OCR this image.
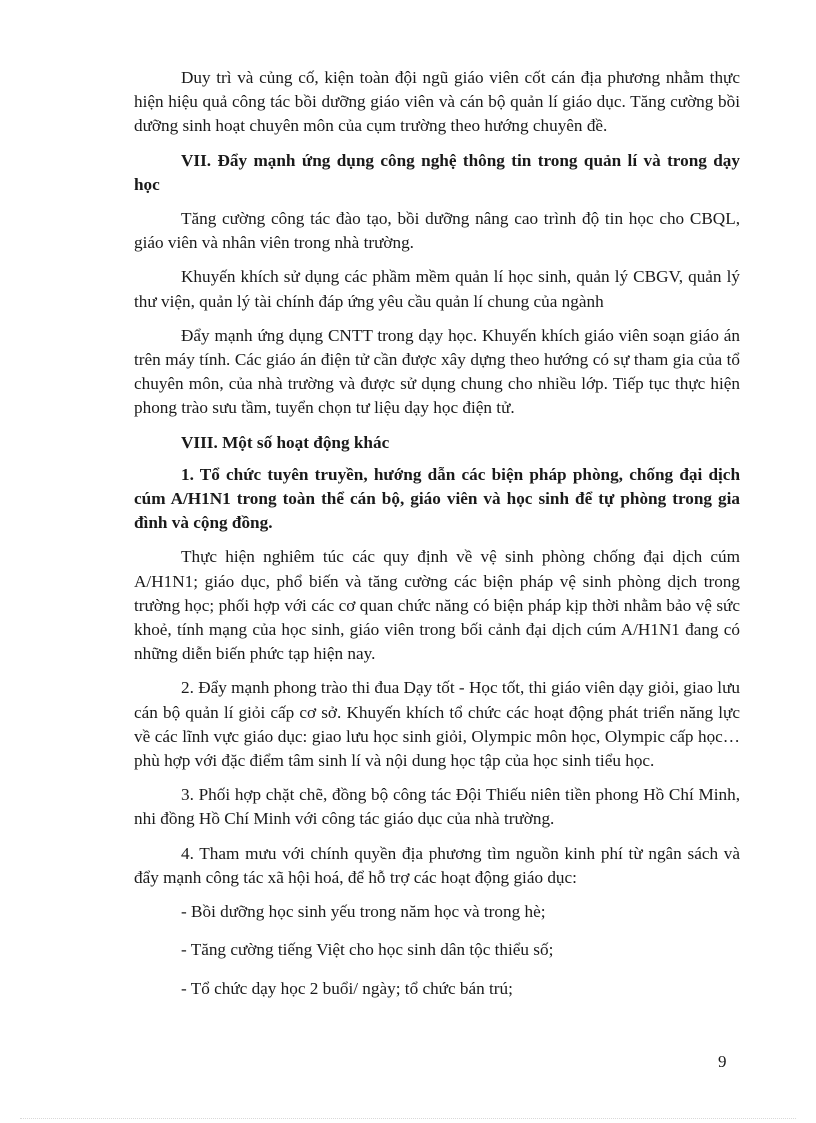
Duy trì và củng cố, kiện toàn đội ngũ giáo viên cốt cán địa phương nhằm thực hiện hiệu quả công tác bồi dưỡng giáo viên và cán bộ quản lí giáo dục. Tăng cường bồi dưỡng sinh hoạt chuyên môn của cụm trường theo hướng chuyên đề.

VII. Đẩy mạnh ứng dụng công nghệ thông tin trong quản lí và trong dạy học

Tăng cường công tác đào tạo, bồi dưỡng nâng cao trình độ tin học cho CBQL, giáo viên và nhân viên trong nhà trường.

Khuyến khích sử dụng các phầm mềm quản lí học sinh, quản lý CBGV, quản lý thư viện, quản lý tài chính đáp ứng yêu cầu quản lí chung của ngành

Đẩy mạnh ứng dụng CNTT trong dạy học. Khuyến khích giáo viên soạn giáo án trên máy tính. Các giáo án điện tử cần được xây dựng theo hướng có sự tham gia của tổ chuyên môn, của nhà trường và được sử dụng chung cho nhiều lớp. Tiếp tục thực hiện phong trào sưu tầm, tuyển chọn tư liệu dạy học điện tử.

VIII. Một số hoạt động khác

1. Tổ chức tuyên truyền, hướng dẫn các biện pháp phòng, chống đại dịch cúm A/H1N1 trong toàn thể cán bộ, giáo viên và học sinh để tự phòng trong gia đình và cộng đồng.

Thực hiện nghiêm túc các quy định về vệ sinh phòng chống đại dịch cúm A/H1N1; giáo dục, phổ biến và tăng cường các biện pháp vệ sinh phòng dịch trong trường học; phối hợp với các cơ quan chức năng có biện pháp kịp thời nhằm bảo vệ sức khoẻ, tính mạng của học sinh, giáo viên trong bối cảnh đại dịch cúm A/H1N1 đang có những diễn biến phức tạp hiện nay.

2. Đẩy mạnh phong trào thi đua Dạy tốt - Học tốt, thi giáo viên dạy giỏi, giao lưu cán bộ quản lí giỏi cấp cơ sở. Khuyến khích tổ chức các hoạt động phát triển năng lực về các lĩnh vực giáo dục: giao lưu học sinh giỏi, Olympic môn học, Olympic cấp học…phù hợp với đặc điểm tâm sinh lí và nội dung học tập của học sinh tiểu học.

3. Phối hợp chặt chẽ, đồng bộ công tác Đội Thiếu niên tiền phong Hồ Chí Minh, nhi đồng Hồ Chí Minh với công tác giáo dục của nhà trường.

4. Tham mưu với chính quyền địa phương tìm nguồn kinh phí từ ngân sách và đẩy mạnh công tác xã hội hoá, để hỗ trợ các hoạt động giáo dục:

- Bồi dưỡng học sinh yếu trong năm học và trong hè;

- Tăng cường tiếng Việt cho học sinh dân tộc thiểu số;

- Tổ chức dạy học 2 buổi/ ngày; tổ chức bán trú;

9
